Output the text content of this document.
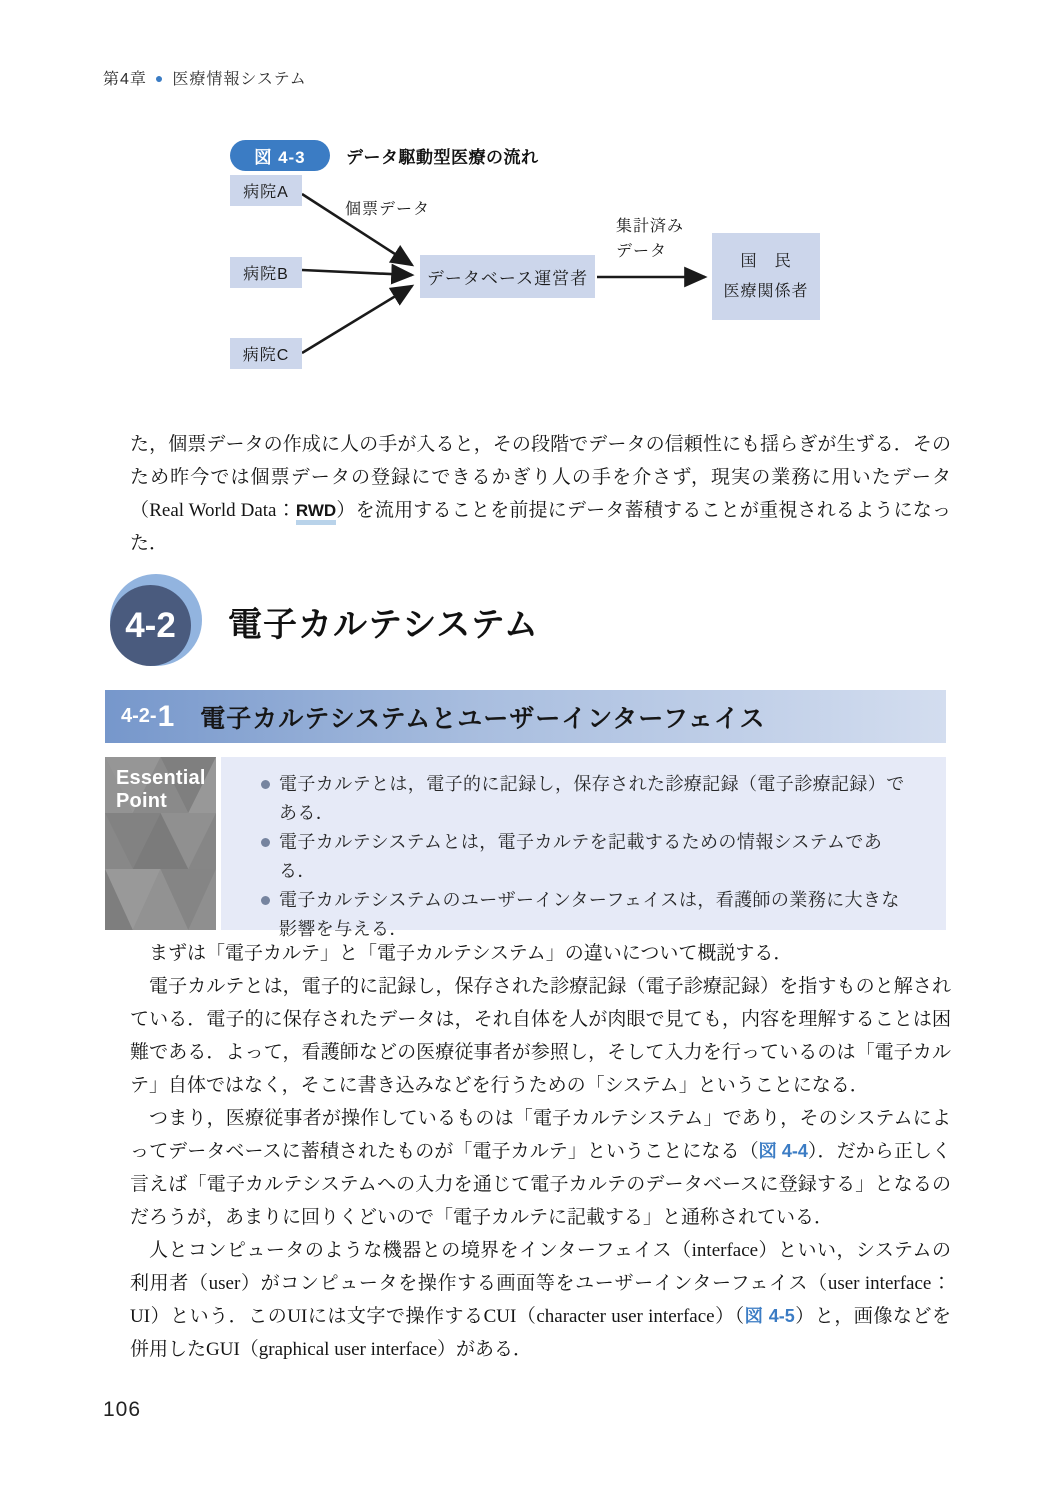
第4章 ● 医療情報システム
図 4-3	データ駆動型医療の流れ
病院A
病院B
病院C
データベース運営者
国　民
医療関係者
個票データ
集計済み
データ
た，個票データの作成に人の手が入ると，その段階でデータの信頼性にも揺らぎが生ずる．そのため昨今では個票データの登録にできるかぎり人の手を介さず，現実の業務に用いたデータ（Real World Data：RWD）を流用することを前提にデータ蓄積することが重視されるようになった．
4-2 電子カルテシステム
4-2- 1 電子カルテシステムとユーザーインターフェイス
Essential
Point
電子カルテとは，電子的に記録し，保存された診療記録（電子診療記録）である．
電子カルテシステムとは，電子カルテを記載するための情報システムである．
電子カルテシステムのユーザーインターフェイスは，看護師の業務に大きな影響を与える．

まずは「電子カルテ」と「電子カルテシステム」の違いについて概説する．

電子カルテとは，電子的に記録し，保存された診療記録（電子診療記録）を指すものと解されている．電子的に保存されたデータは，それ自体を人が肉眼で見ても，内容を理解することは困難である．よって，看護師などの医療従事者が参照し，そして入力を行っているのは「電子カルテ」自体ではなく，そこに書き込みなどを行うための「システム」ということになる．

つまり，医療従事者が操作しているものは「電子カルテシステム」であり，そのシステムによってデータベースに蓄積されたものが「電子カルテ」ということになる（図 4-4）．だから正しく言えば「電子カルテシステムへの入力を通じて電子カルテのデータベースに登録する」となるのだろうが，あまりに回りくどいので「電子カルテに記載する」と通称されている．

人とコンピュータのような機器との境界をインターフェイス（interface）といい，システムの利用者（user）がコンピュータを操作する画面等をユーザーインターフェイス（user interface：UI）という．このUIには文字で操作するCUI（character user interface）（図 4-5）と，画像などを併用したGUI（graphical user interface）がある．

106
